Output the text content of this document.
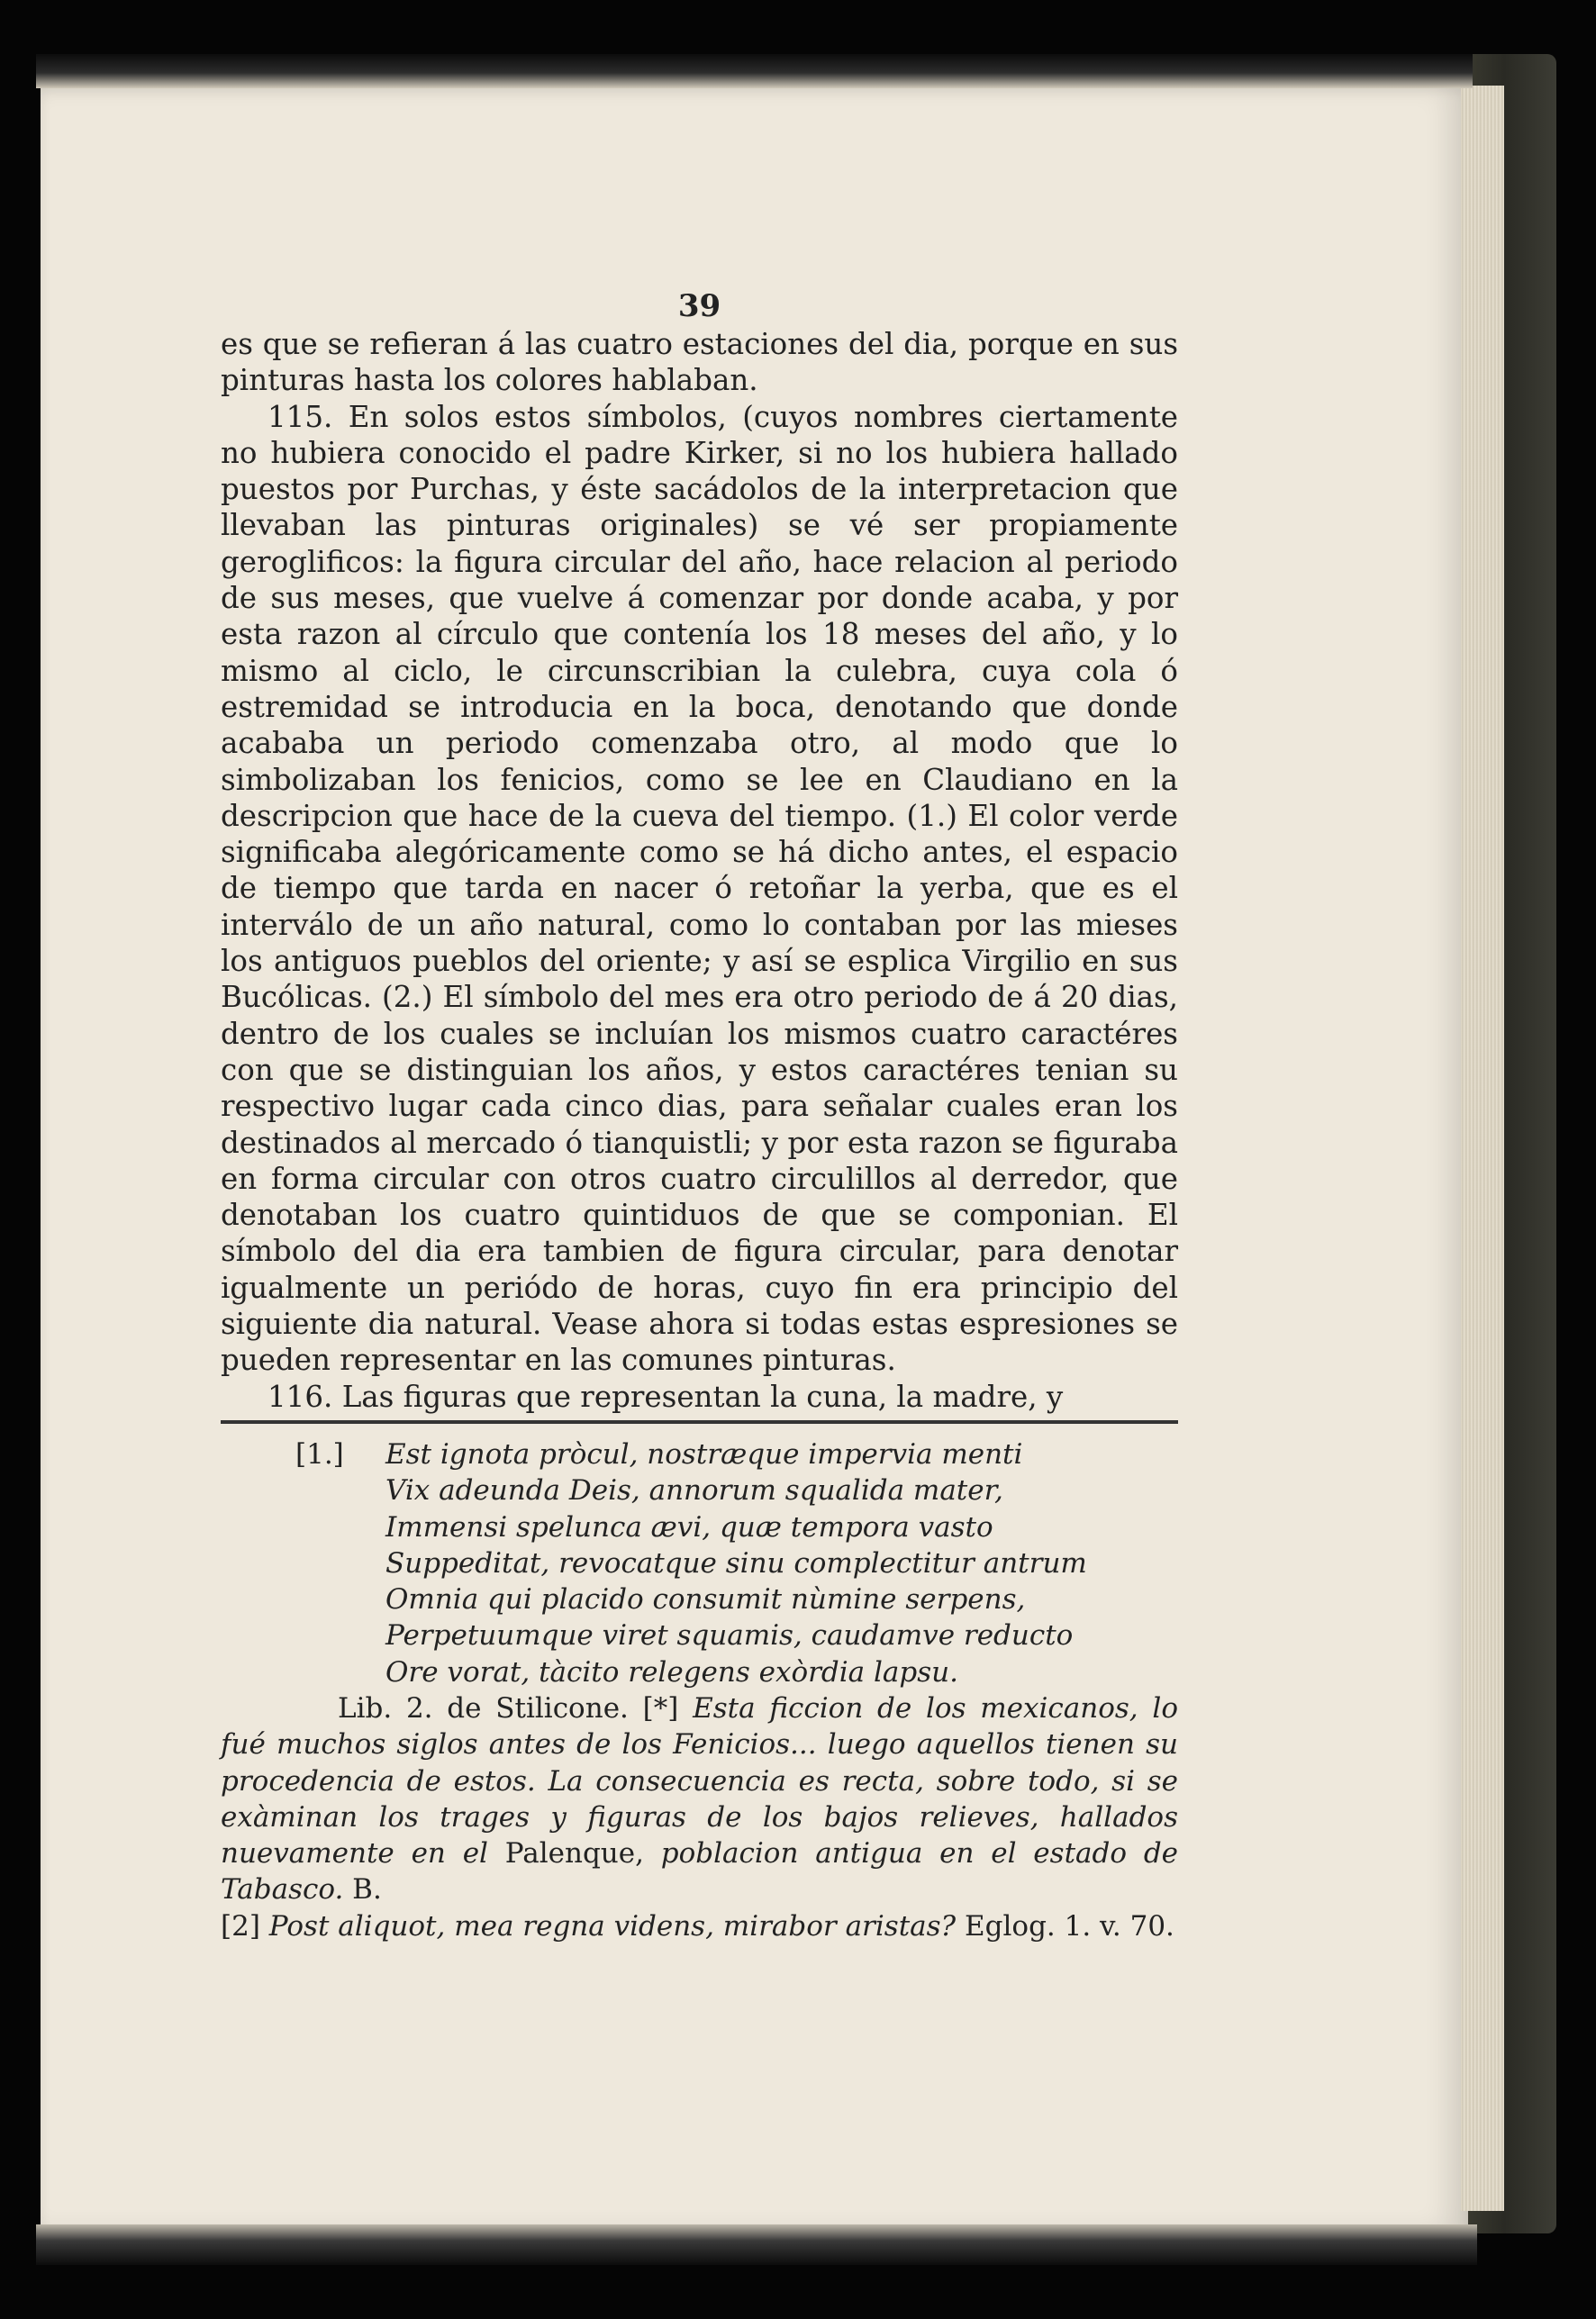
39

es que se refieran á las cuatro estaciones del dia, porque en sus pinturas hasta los colores hablaban.

115. En solos estos símbolos, (cuyos nombres ciertamente no hubiera conocido el padre Kirker, si no los hubiera hallado puestos por Purchas, y éste sacádolos de la interpretacion que llevaban las pinturas originales) se vé ser propiamente geroglificos: la figura circular del año, hace relacion al periodo de sus meses, que vuelve á comenzar por donde acaba, y por esta razon al círculo que contenía los 18 meses del año, y lo mismo al ciclo, le circunscribian la culebra, cuya cola ó estremidad se introducia en la boca, denotando que donde acababa un periodo comenzaba otro, al modo que lo simbolizaban los fenicios, como se lee en Claudiano en la descripcion que hace de la cueva del tiempo. (1.) El color verde significaba alegóricamente como se há dicho antes, el espacio de tiempo que tarda en nacer ó retoñar la yerba, que es el interválo de un año natural, como lo contaban por las mieses los antiguos pueblos del oriente; y así se esplica Virgilio en sus Bucólicas. (2.) El símbolo del mes era otro periodo de á 20 dias, dentro de los cuales se incluían los mismos cuatro caractéres con que se distinguian los años, y estos caractéres tenian su respectivo lugar cada cinco dias, para señalar cuales eran los destinados al mercado ó tianquistli; y por esta razon se figuraba en forma circular con otros cuatro circulillos al derredor, que denotaban los cuatro quintiduos de que se componian. El símbolo del dia era tambien de figura circular, para denotar igualmente un periódo de horas, cuyo fin era principio del siguiente dia natural. Vease ahora si todas estas espresiones se pueden representar en las comunes pinturas.

116. Las figuras que representan la cuna, la madre, y

[1.]	Est ignota pròcul, nostræque impervia menti
Vix adeunda Deis, annorum squalida mater,
Immensi spelunca ævi, quæ tempora vasto
Suppeditat, revocatque sinu complectitur antrum
Omnia qui placido consumit nùmine serpens,
Perpetuumque viret squamis, caudamve reducto
Ore vorat, tàcito relegens exòrdia lapsu.

Lib. 2. de Stilicone. [*] Esta ficcion de los mexicanos, lo fué muchos siglos antes de los Fenicios... luego aquellos tienen su procedencia de estos. La consecuencia es recta, sobre todo, si se exàminan los trages y figuras de los bajos relieves, hallados nuevamente en el Palenque, poblacion antigua en el estado de Tabasco. B.

[2] Post aliquot, mea regna videns, mirabor aristas? Eglog. 1. v. 70.
